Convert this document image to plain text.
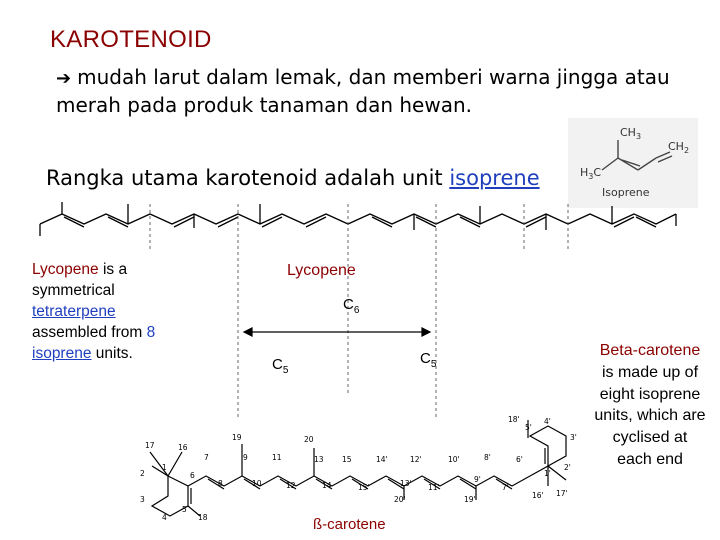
KAROTENOID
➔ mudah larut dalam lemak, dan memberi warna jingga atau merah pada produk tanaman dan hewan.
$CH_3$
$H_3C$
$CH_2$
Isoprene
Rangka utama karotenoid adalah unit isoprene
17	16
1
2
3
4
5
6
7
8
9
10
11
12
13
14
15
19	20
15'
14'
13'
12'
11'
10'
9'
8'
7'
6'
5'
4'
3'
2'
1'
16' 17'
18'
19'
20'
18
Lycopene is a symmetrical tetraterpene assembled from 8 isoprene units.
Lycopene
$C_6$
$C_5$
$C_5$
Beta-carotene is made up of eight isoprene units, which are cyclised at each end
ß-carotene
